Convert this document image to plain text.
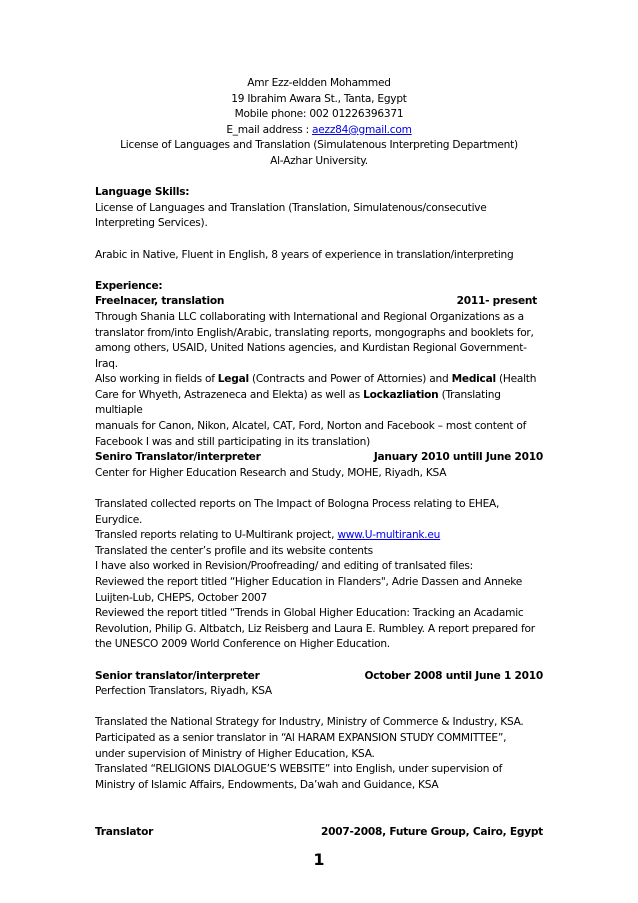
Amr Ezz-eldden Mohammed
19 Ibrahim Awara St., Tanta, Egypt
Mobile phone: 002 01226396371
E_mail address : aezz84@gmail.com
License of Languages and Translation (Simulatenous Interpreting Department)
Al-Azhar University.
Language Skills:
License of Languages and Translation (Translation, Simulatenous/consecutive
Interpreting Services).
Arabic in Native, Fluent in English, 8 years of experience in translation/interpreting
Experience:
Freelnacer, translation	2011- present
Through Shania LLC collaborating with International and Regional Organizations as a
translator from/into English/Arabic, translating reports, mongographs and booklets for,
among others, USAID, United Nations agencies, and Kurdistan Regional Government-Iraq.
Also working in fields of Legal (Contracts and Power of Attornies) and Medical (Health
Care for Whyeth, Astrazeneca and Elekta) as well as Lockazliation (Translating multiaple
manuals for Canon, Nikon, Alcatel, CAT, Ford, Norton and Facebook – most content of
Facebook I was and still participating in its translation)
Seniro Translator/interpreter	January 2010 untill June 2010
Center for Higher Education Research and Study, MOHE, Riyadh, KSA
Translated collected reports on The Impact of Bologna Process relating to EHEA,
Eurydice.
Transled reports relating to U-Multirank project, www.U-multirank.eu
Translated the center’s profile and its website contents
I have also worked in Revision/Proofreading/ and editing of tranlsated files:
Reviewed the report titled “Higher Education in Flanders", Adrie Dassen and Anneke
Luijten-Lub, CHEPS, October 2007
Reviewed the report titled “Trends in Global Higher Education: Tracking an Acadamic
Revolution, Philip G. Altbatch, Liz Reisberg and Laura E. Rumbley. A report prepared for
the UNESCO 2009 World Conference on Higher Education.
Senior translator/interpreter	October 2008 until June 1 2010
Perfection Translators, Riyadh, KSA
Translated the National Strategy for Industry, Ministry of Commerce & Industry, KSA.
Participated as a senior translator in “Al HARAM EXPANSION STUDY COMMITTEE”,
under supervision of Ministry of Higher Education, KSA.
Translated “RELIGIONS DIALOGUE’S WEBSITE” into English, under supervision of
Ministry of Islamic Affairs, Endowments, Da’wah and Guidance, KSA
Translator	2007-2008, Future Group, Cairo, Egypt
1
